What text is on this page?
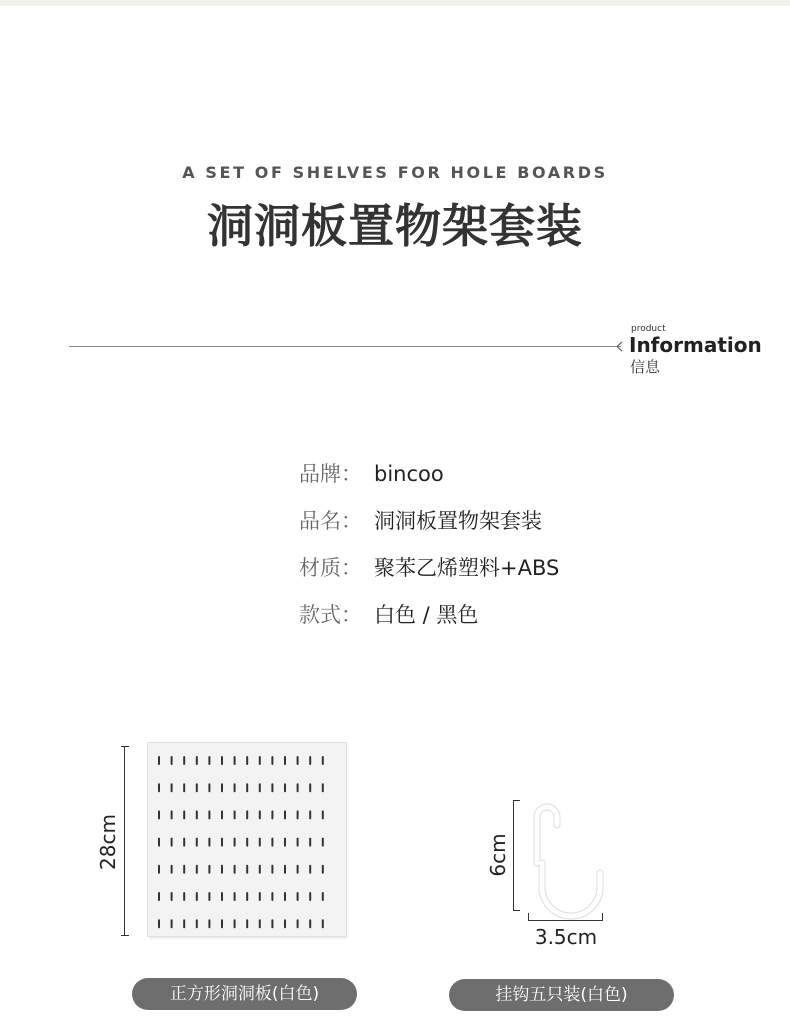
A SET OF SHELVES FOR HOLE BOARDS
洞洞板置物架套装
product
Information
信息
品牌： bincoo
品名： 洞洞板置物架套装
材质： 聚苯乙烯塑料+ABS
款式： 白色 / 黑色
28cm	6cm
3.5cm
正方形洞洞板(白色)	挂钩五只装(白色)
